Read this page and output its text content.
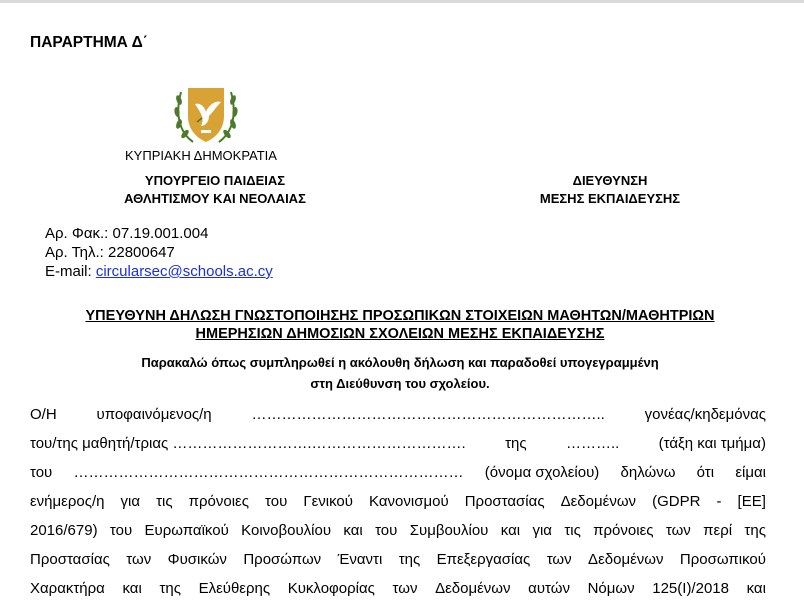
ΠΑΡΑΡΤΗΜΑ Δ΄
ΚΥΠΡΙΑΚΗ ΔΗΜΟΚΡΑΤΙΑ
ΥΠΟΥΡΓΕΙΟ ΠΑΙΔΕΙΑΣ
ΑΘΛΗΤΙΣΜΟΥ ΚΑΙ ΝΕΟΛΑΙΑΣ
ΔΙΕΥΘΥΝΣΗ
ΜΕΣΗΣ ΕΚΠΑΙΔΕΥΣΗΣ
Αρ. Φακ.: 07.19.001.004
Αρ. Τηλ.: 22800647
E-mail: circularsec@schools.ac.cy
ΥΠΕΥΘΥΝΗ ΔΗΛΩΣΗ ΓΝΩΣΤΟΠΟΙΗΣΗΣ ΠΡΟΣΩΠΙΚΩΝ ΣΤΟΙΧΕΙΩΝ ΜΑΘΗΤΩΝ/ΜΑΘΗΤΡΙΩΝ
ΗΜΕΡΗΣΙΩΝ ΔΗΜΟΣΙΩΝ ΣΧΟΛΕΙΩΝ ΜΕΣΗΣ ΕΚΠΑΙΔΕΥΣΗΣ
Παρακαλώ όπως συμπληρωθεί η ακόλουθη δήλωση και παραδοθεί υπογεγραμμένη
στη Διεύθυνση του σχολείου.
Ο/Η	υποφαινόμενος/η	……………………………………………………………..	γονέας/κηδεμόνας
του/της μαθητή/τριας ……………………….………………………….	της	………..	(τάξη και τμήμα)
του …………………………………………………………………… (όνομα σχολείου) δηλώνω ότι είμαι
ενήμερος/η για τις πρόνοιες του Γενικού Κανονισμού Προστασίας Δεδομένων (GDPR - [ΕΕ]
2016/679) του Ευρωπαϊκού Κοινοβουλίου και του Συμβουλίου και για τις πρόνοιες των περί της
Προστασίας των Φυσικών Προσώπων Έναντι της Επεξεργασίας των Δεδομένων Προσωπικού
Χαρακτήρα και της Ελεύθερης Κυκλοφορίας των Δεδομένων αυτών Νόμων 125(Ι)/2018 και
